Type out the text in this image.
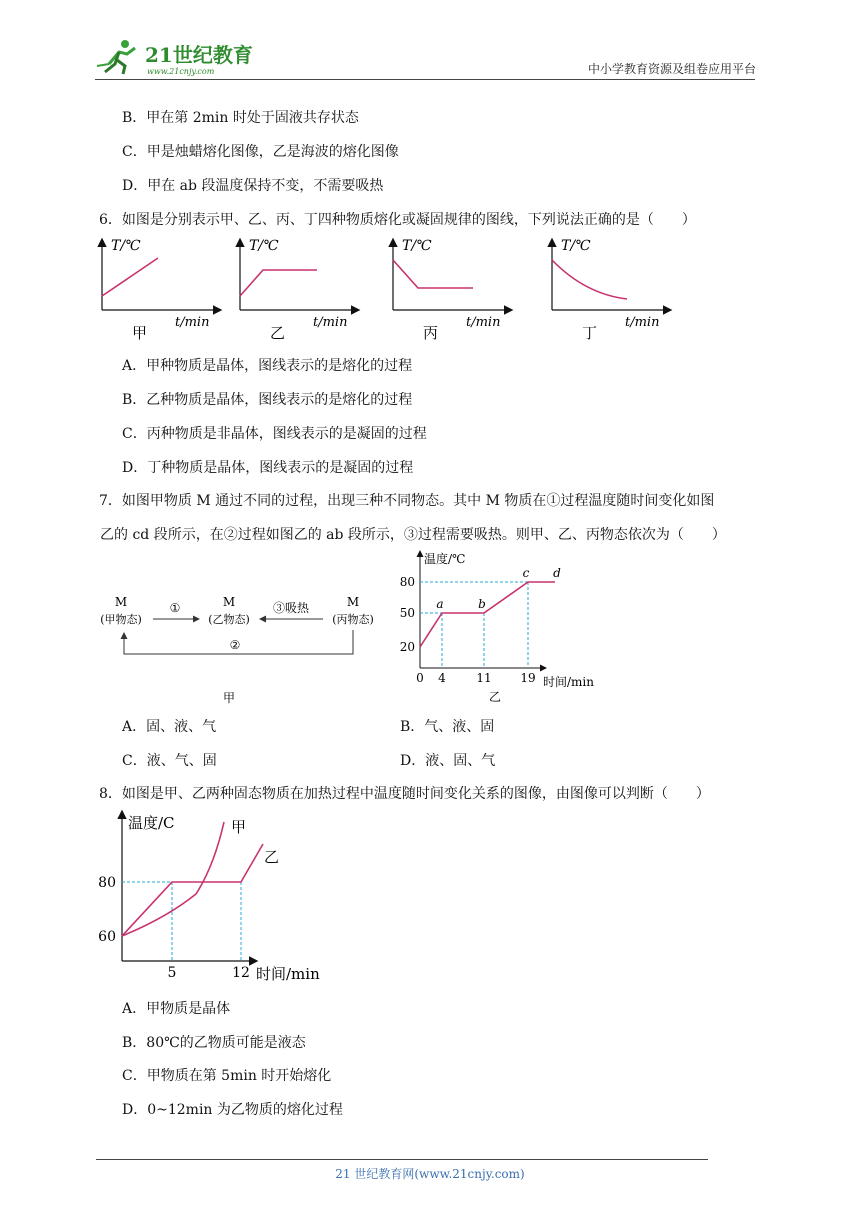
21世纪教育
www.21cnjy.com	中小学教育资源及组卷应用平台
B．甲在第 2min 时处于固液共存状态
C．甲是烛蜡熔化图像，乙是海波的熔化图像
D．甲在 ab 段温度保持不变，不需要吸热
6．如图是分别表示甲、乙、丙、丁四种物质熔化或凝固规律的图线，下列说法正确的是（　　）
T/℃
t/min
甲
T/℃
t/min
乙
T/℃
t/min
丙
T/℃
t/min
丁
A．甲种物质是晶体，图线表示的是熔化的过程
B．乙种物质是晶体，图线表示的是熔化的过程
C．丙种物质是非晶体，图线表示的是凝固的过程
D．丁种物质是晶体，图线表示的是凝固的过程
7．如图甲物质 M 通过不同的过程，出现三种不同物态。其中 M 物质在①过程温度随时间变化如图
乙的 cd 段所示，在②过程如图乙的 ab 段所示，③过程需要吸热。则甲、乙、丙物态依次为（　　）
M
(甲物态)
M
(乙物态)
M
(丙物态)
①	③吸热
②
甲
温度/℃
时间/min
80
50
20
0 4	11 19
a	b
c d
乙
A．固、液、气	B．气、液、固
C．液、气、固	D．液、固、气
8．如图是甲、乙两种固态物质在加热过程中温度随时间变化关系的图像，由图像可以判断（　　）
温度/C
时间/min
80
60
5	12
甲
乙
A．甲物质是晶体
B．80℃的乙物质可能是液态
C．甲物质在第 5min 时开始熔化
D．0~12min 为乙物质的熔化过程
21 世纪教育网(www.21cnjy.com)
